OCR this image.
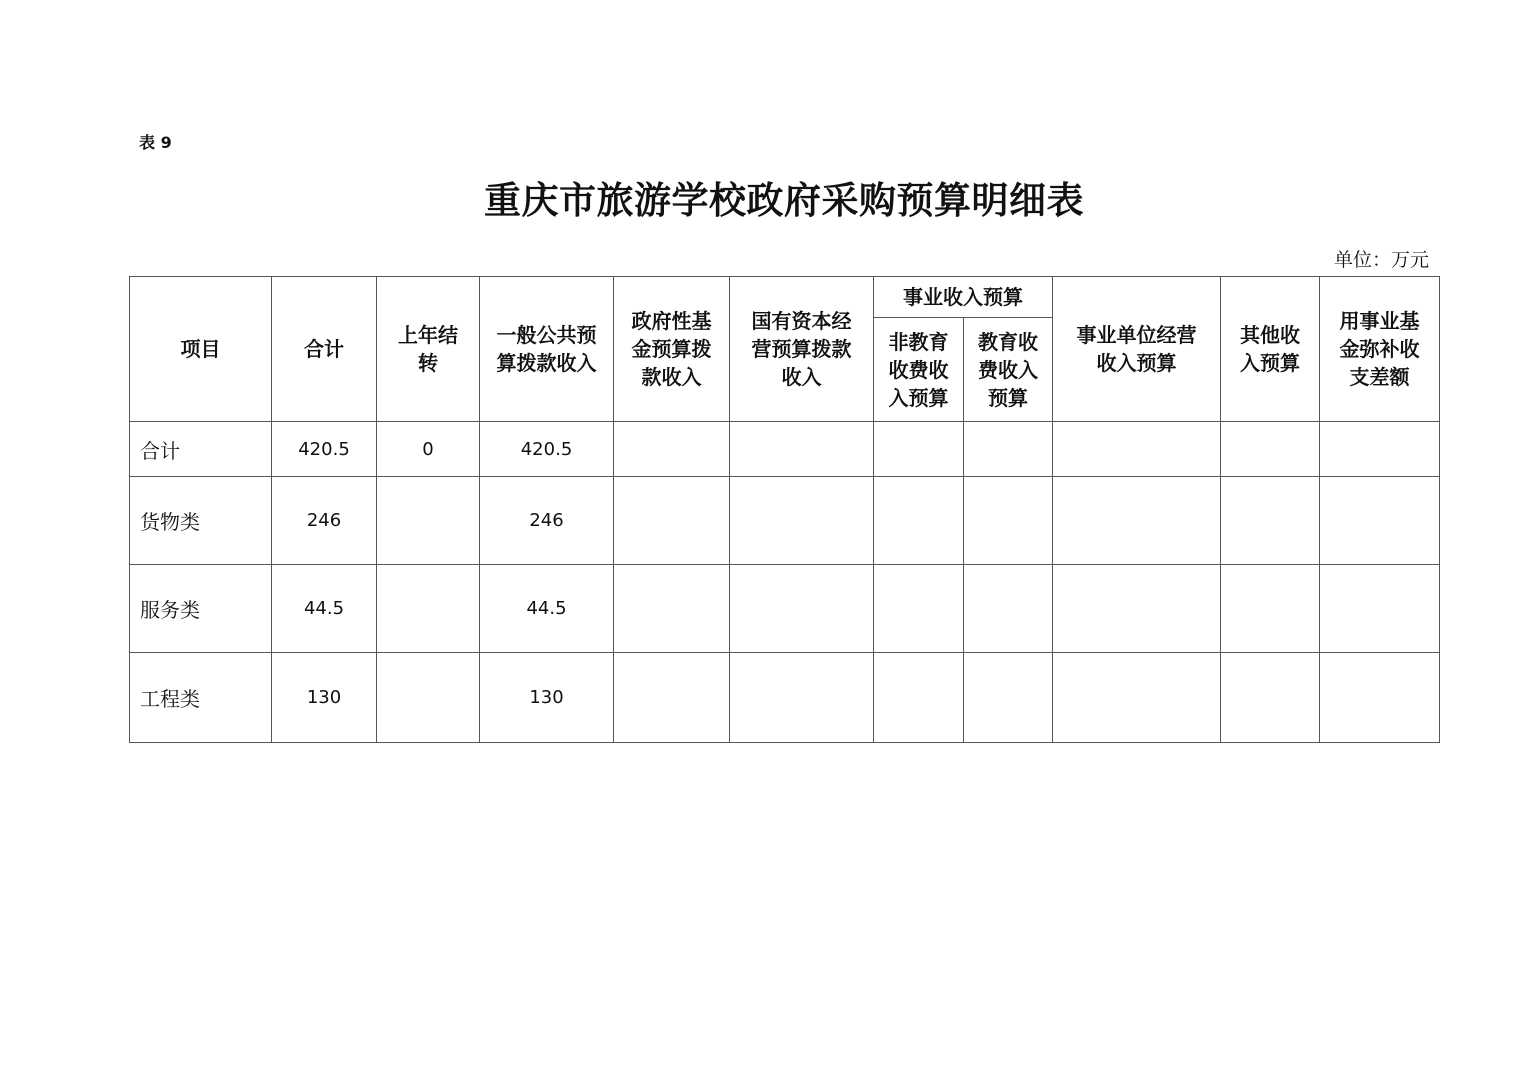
表 9
重庆市旅游学校政府采购预算明细表
单位：万元
项目	合计	上年结转	一般公共预算拨款收入	政府性基金预算拨款收入	国有资本经营预算拨款收入	事业收入预算		事业单位经营收入预算	其他收入预算	用事业基金弥补收支差额
						非教育收费收入预算	教育收费收入预算			
合计	420.5	0	420.5							
货物类	246		246							
服务类	44.5		44.5							
工程类	130		130							
